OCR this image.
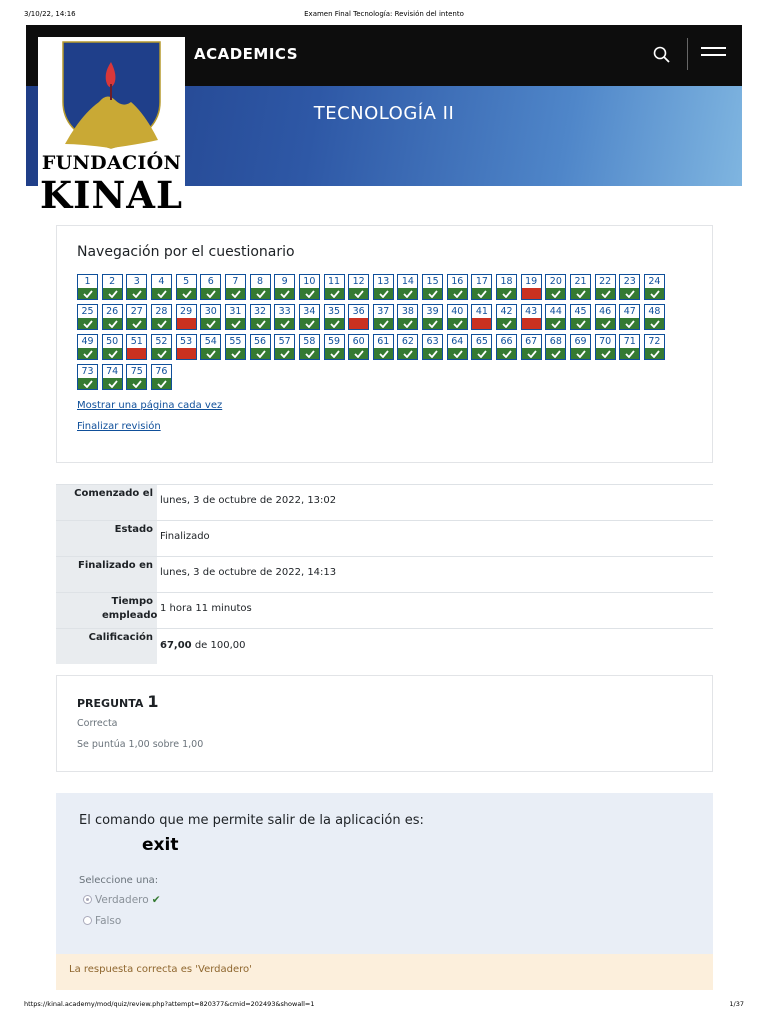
3/10/22, 14:16	Examen Final Tecnología: Revisión del intento
ACADEMICS
TECNOLOGÍA II
FUNDACIÓN
KINAL
Navegación por el cuestionario
1	2	3	4	5	6	7	8	9	10	11	12	13	14	15	16	17	18	19	20	21	22	23	24
25	26	27	28	29	30	31	32	33	34	35	36	37	38	39	40	41	42	43	44	45	46	47	48
49	50	51	52	53	54	55	56	57	58	59	60	61	62	63	64	65	66	67	68	69	70	71	72
73	74	75	76
Mostrar una página cada vez
Finalizar revisión
Comenzado el
lunes, 3 de octubre de 2022, 13:02
Estado
Finalizado
Finalizado en
lunes, 3 de octubre de 2022, 14:13
Tiempo empleado
1 hora 11 minutos
Calificación
67,00 de 100,00
PREGUNTA 1
Correcta
Se puntúa 1,00 sobre 1,00
El comando que me permite salir de la aplicación es:
exit
Seleccione una:
Verdadero ✔
Falso
La respuesta correcta es 'Verdadero'
https://kinal.academy/mod/quiz/review.php?attempt=820377&cmid=202493&showall=1	1/37
